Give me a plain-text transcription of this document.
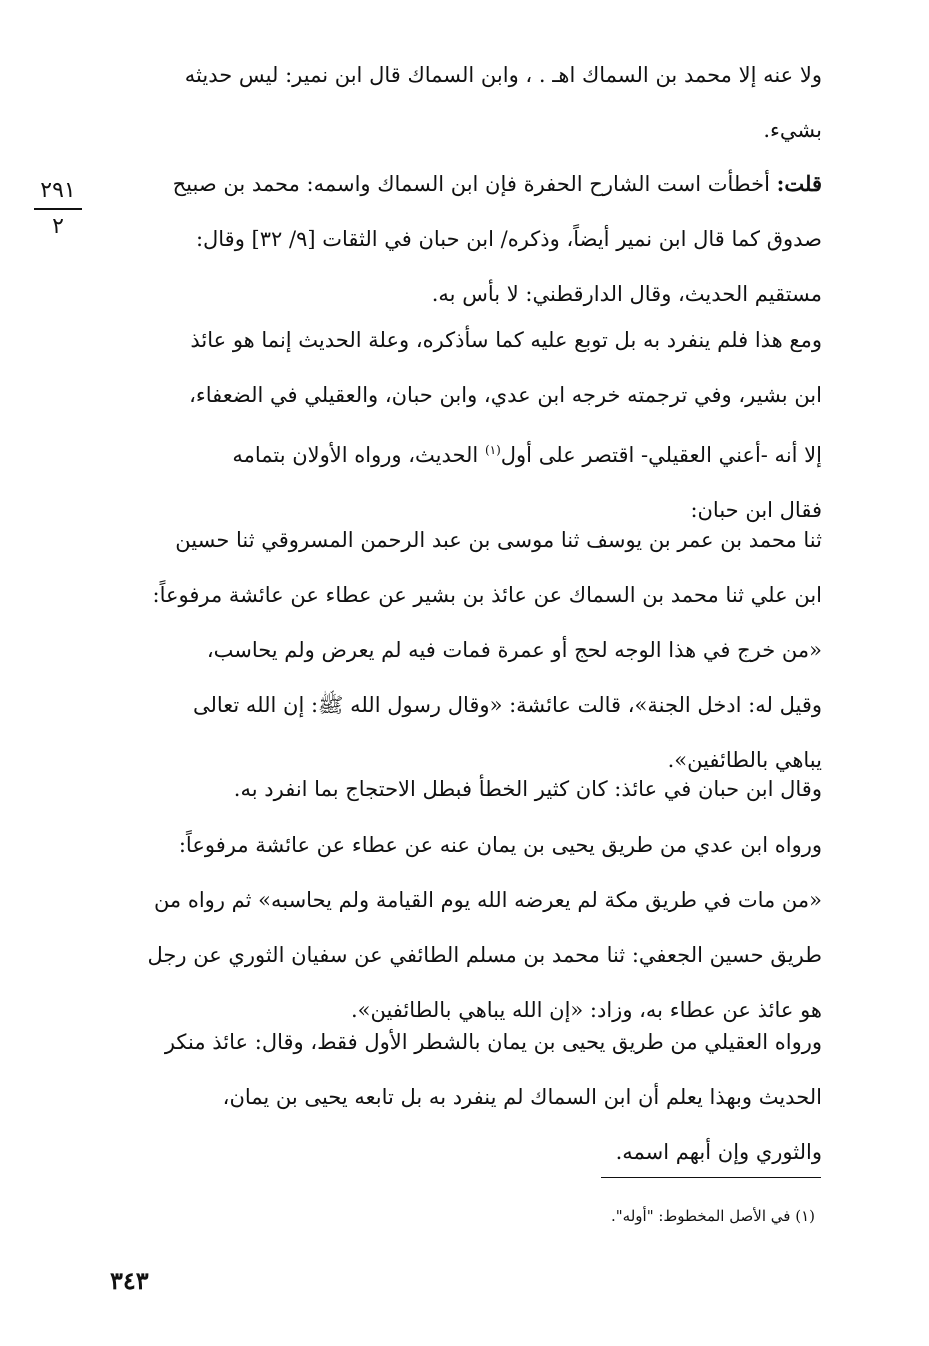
٢٩١
٢

ولا عنه إلا محمد بن السماك اهـ . ، وابن السماك قال ابن نمير: ليس حديثه
بشيء.

قلت: أخطأت است الشارح الحفرة فإن ابن السماك واسمه: محمد بن صبيح
صدوق كما قال ابن نمير أيضاً، وذكره/ ابن حبان في الثقات [٩/ ٣٢] وقال:
مستقيم الحديث، وقال الدارقطني: لا بأس به.

ومع هذا فلم ينفرد به بل توبع عليه كما سأذكره، وعلة الحديث إنما هو عائذ
ابن بشير، وفي ترجمته خرجه ابن عدي، وابن حبان، والعقيلي في الضعفاء،
إلا أنه -أعني العقيلي- اقتصر على أول$^{(١)}$ الحديث، ورواه الأولان بتمامه
فقال ابن حبان:

ثنا محمد بن عمر بن يوسف ثنا موسى بن عبد الرحمن المسروقي ثنا حسين
ابن علي ثنا محمد بن السماك عن عائذ بن بشير عن عطاء عن عائشة مرفوعاً:
«من خرج في هذا الوجه لحج أو عمرة فمات فيه لم يعرض ولم يحاسب،
وقيل له: ادخل الجنة»، قالت عائشة: «وقال رسول الله ﷺ: إن الله تعالى
يباهي بالطائفين».

وقال ابن حبان في عائذ: كان كثير الخطأ فبطل الاحتجاج بما انفرد به.

ورواه ابن عدي من طريق يحيى بن يمان عنه عن عطاء عن عائشة مرفوعاً:
«من مات في طريق مكة لم يعرضه الله يوم القيامة ولم يحاسبه» ثم رواه من
طريق حسين الجعفي: ثنا محمد بن مسلم الطائفي عن سفيان الثوري عن رجل
هو عائذ عن عطاء به، وزاد: «إن الله يباهي بالطائفين».

ورواه العقيلي من طريق يحيى بن يمان بالشطر الأول فقط، وقال: عائذ منكر
الحديث وبهذا يعلم أن ابن السماك لم ينفرد به بل تابعه يحيى بن يمان،
والثوري وإن أبهم اسمه.

(١) في الأصل المخطوط: "أوله".
٣٤٣
